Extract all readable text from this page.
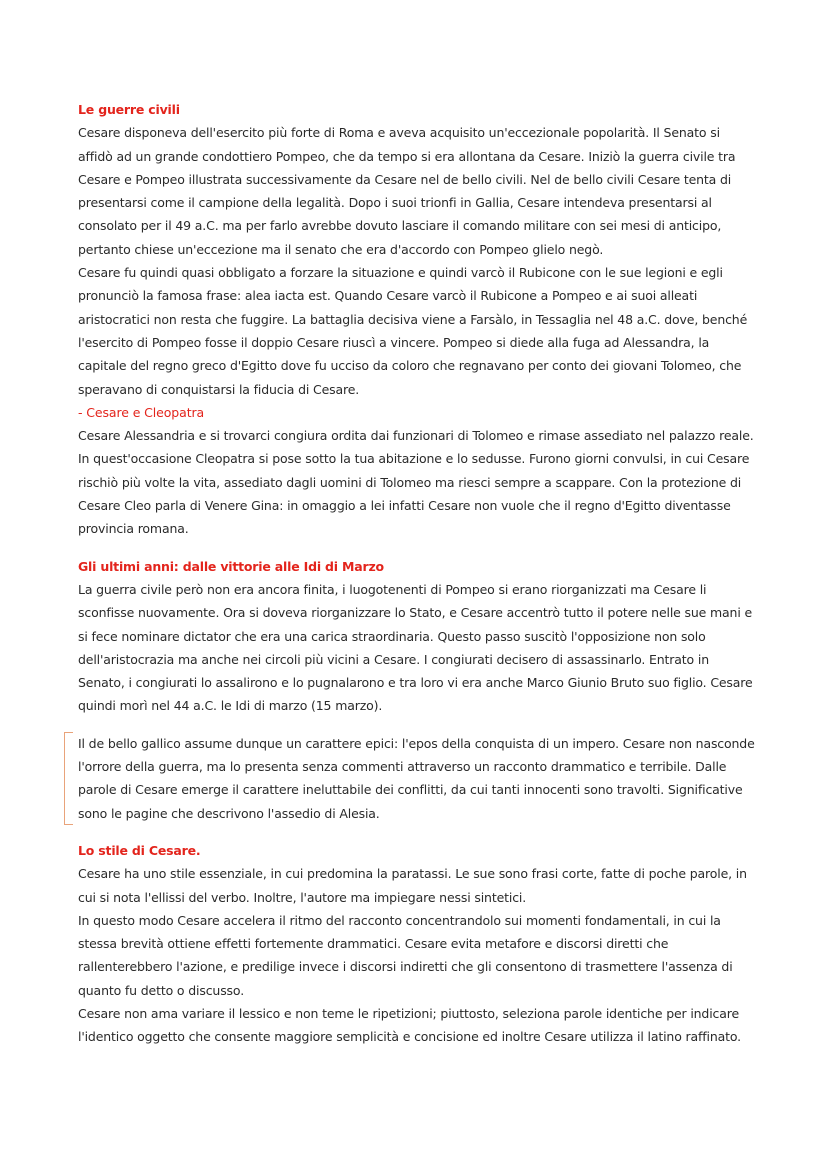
Le guerre civili

Cesare disponeva dell'esercito più forte di Roma e aveva acquisito un'eccezionale popolarità. Il Senato si affidò ad un grande condottiero Pompeo, che da tempo si era allontana da Cesare. Iniziò la guerra civile tra Cesare e Pompeo illustrata successivamente da Cesare nel de bello civili. Nel de bello civili Cesare tenta di presentarsi come il campione della legalità. Dopo i suoi trionfi in Gallia, Cesare intendeva presentarsi al consolato per il 49 a.C. ma per farlo avrebbe dovuto lasciare il comando militare con sei mesi di anticipo, pertanto chiese un'eccezione ma il senato che era d'accordo con Pompeo glielo negò.

Cesare fu quindi quasi obbligato a forzare la situazione e quindi varcò il Rubicone con le sue legioni e egli pronunciò la famosa frase: alea iacta est. Quando Cesare varcò il Rubicone a Pompeo e ai suoi alleati aristocratici non resta che fuggire. La battaglia decisiva viene a Farsàlo, in Tessaglia nel 48 a.C. dove, benché l'esercito di Pompeo fosse il doppio Cesare riuscì a vincere. Pompeo si diede alla fuga ad Alessandra, la capitale del regno greco d'Egitto dove fu ucciso da coloro che regnavano per conto dei giovani Tolomeo, che speravano di conquistarsi la fiducia di Cesare.

- Cesare e Cleopatra

Cesare Alessandria e si trovarci congiura ordita dai funzionari di Tolomeo e rimase assediato nel palazzo reale. In quest'occasione Cleopatra si pose sotto la tua abitazione e lo sedusse. Furono giorni convulsi, in cui Cesare rischiò più volte la vita, assediato dagli uomini di Tolomeo ma riesci sempre a scappare. Con la protezione di Cesare Cleo parla di Venere Gina: in omaggio a lei infatti Cesare non vuole che il regno d'Egitto diventasse provincia romana.

Gli ultimi anni: dalle vittorie alle Idi di Marzo

La guerra civile però non era ancora finita, i luogotenenti di Pompeo si erano riorganizzati ma Cesare li sconfisse nuovamente. Ora si doveva riorganizzare lo Stato, e Cesare accentrò tutto il potere nelle sue mani e si fece nominare dictator che era una carica straordinaria. Questo passo suscitò l'opposizione non solo dell'aristocrazia ma anche nei circoli più vicini a Cesare. I congiurati decisero di assassinarlo. Entrato in Senato, i congiurati lo assalirono e lo pugnalarono e tra loro vi era anche Marco Giunio Bruto suo figlio. Cesare quindi morì nel 44 a.C. le Idi di marzo (15 marzo).

Il de bello gallico assume dunque un carattere epici: l'epos della conquista di un impero. Cesare non nasconde l'orrore della guerra, ma lo presenta senza commenti attraverso un racconto drammatico e terribile. Dalle parole di Cesare emerge il carattere ineluttabile dei conflitti, da cui tanti innocenti sono travolti. Significative sono le pagine che descrivono l'assedio di Alesia.

Lo stile di Cesare.

Cesare ha uno stile essenziale, in cui predomina la paratassi. Le sue sono frasi corte, fatte di poche parole, in cui si nota l'ellissi del verbo. Inoltre, l'autore ma impiegare nessi sintetici.

In questo modo Cesare accelera il ritmo del racconto concentrandolo sui momenti fondamentali, in cui la stessa brevità ottiene effetti fortemente drammatici. Cesare evita metafore e discorsi diretti che rallenterebbero l'azione, e predilige invece i discorsi indiretti che gli consentono di trasmettere l'assenza di quanto fu detto o discusso.

Cesare non ama variare il lessico e non teme le ripetizioni; piuttosto, seleziona parole identiche per indicare l'identico oggetto che consente maggiore semplicità e concisione ed inoltre Cesare utilizza il latino raffinato.
